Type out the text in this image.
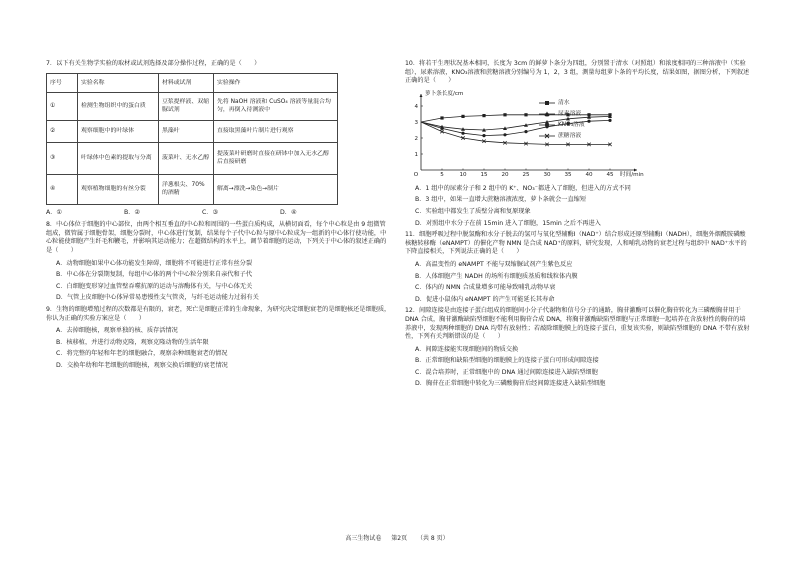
7．以下有关生物学实验的取材或试剂选择及部分操作过程，正确的是（　　）

序号	实验名称	材料或试剂	实验操作
①	检测生物组织中的蛋白质	豆浆提样液、双缩脲试剂	先将 NaOH 溶液和 CuSO₄ 溶液等量混合均匀，再倒入待测液中
②	观察细胞中的叶绿体	黑藻叶	直接取黑藻叶片制片进行观察
③	叶绿体中色素的提取与分离	菠菜叶、无水乙醇	提菠菜叶研磨时直接在研钵中加入无水乙醇后直接研磨
④	观察植物细胞的有丝分裂	洋葱根尖、70%的酒精	解离→漂洗→染色→制片
A．①	B．②	C．③	D．④

8．中心体位于细胞的中心部位，由两个相互垂直的中心粒和周围的一些蛋白质构成，从横切面看，每个中心粒是由 9 组微管组成，微管属于细胞骨架，细胞分裂时，中心体进行复制，结果每个子代中心粒与原中心粒成为一组新的中心体行使功能，中心粒能使细胞产生纤毛和鞭毛，并影响其运动能力；在超微结构的水平上，调节着细胞的运动，下列关于中心体的叙述正确的是（　　）

A．动物细胞如果中心体功能发生障碍，细胞将不可能进行正常有丝分裂

B．中心体在分裂期复制，每组中心体的两个中心粒分别来自亲代和子代

C．白细胞变形穿过血管壁吞噬抗原的运动与溶酶体有关，与中心体无关

D．气管上皮细胞中心体异常易患慢性支气管炎，与纤毛运动能力过弱有关

9．生物的细胞增殖过程的次数都是有限的，衰老，死亡是细胞正常的生命现象，为研究决定细胞衰老的是细胞核还是细胞质，你认为正确的实验方案应是（　　）

A．去掉细胞核，观察单独的核、质存活情况

B．核移植，并进行动物克隆，观察克隆动物的生活年限

C．将完整的年轻和年老的细胞融合，观察杂种细胞衰老的情况

D．交换年幼和年老细胞的细胞核，观察交换后细胞的衰老情况

10．将若干生理状况基本相同，长度为 3cm 的鲜萝卜条分为四组，分别置于清水（对照组）和浓度相同的三种溶液中（实验组），尿素溶液，KNO₃溶液和蔗糖溶液分别编号为 1，2，3 组，测量每组萝卜条的平均长度，结果如图，据图分析，下列叙述正确的是（　　）

萝卜条长度/cm
O	5	10 15 20 25 30 35 40 45 时间/min
1
2
3
4
清水
尿素溶液
KNO₃溶液
蔗糖溶液

A．1 组中的尿素分子和 2 组中的 K⁺、NO₃⁻都进入了细胞，但进入的方式不同

B．3 组中，如果一直增大蔗糖溶液浓度，萝卜条就会一直缩短

C．实验组中都发生了质壁分离和复原现象

D．对照组中水分子在前 15min 进入了细胞，15min 之后不再进入

11．细胞呼吸过程中脱氢酶和水分子脱去的氢可与氧化型辅酶Ⅰ（NAD⁺）结合形成还原型辅酶Ⅰ（NADH），细胞外烟酰胺磷酸核糖转移酶（eNAMPT）的催化产物 NMN 是合成 NAD⁺的原料，研究发现，人和哺乳动物的衰老过程与组织中 NAD⁺水平的下降直接相关，下列说法正确的是（　　）

A．高温变性的 eNAMPT 不能与双缩脲试剂产生紫色反应

B．人体细胞产生 NADH 的场所有细胞质基质和线粒体内膜

C．体内的 NMN 合成量增多可能导致哺乳动物早衰

D．促进小鼠体内 eNAMPT 的产生可能延长其寿命

12．间隙连接是由连接子蛋白组成的细胞间小分子代谢物和信号分子的通路，胸苷激酶可以催化胸苷转化为三磷酸胸苷用于 DNA 合成，胸苷激酶缺陷型细胞不能利用胸苷合成 DNA，将胸苷激酶缺陷型细胞与正常细胞一起培养在含放射性的胸苷的培养液中，发现两种细胞的 DNA 均带有放射性；若敲除细胞膜上的连接子蛋白，重复该实验，则缺陷型细胞的 DNA 不带有放射性，下列有关判断错误的是（　　）

A．间隙连接能实现细胞间的物质交换

B．正常细胞和缺陷型细胞的细胞膜上的连接子蛋白可形成间隙连接

C．混合培养时，正常细胞中的 DNA 通过间隙连接进入缺陷型细胞

D．胸苷在正常细胞中转化为三磷酸胸苷后经间隙连接进入缺陷型细胞

高三生物试卷 第2页 （共 8 页）
